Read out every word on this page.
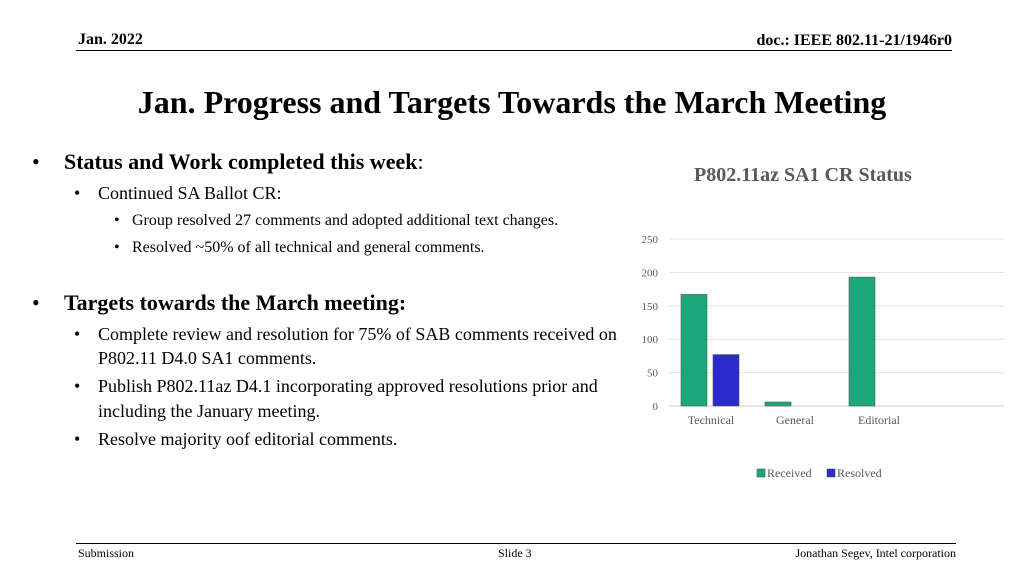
Jan. 2022	doc.: IEEE 802.11-21/1946r0
Jan. Progress and Targets Towards the March Meeting
• Status and Work completed this week:
• Continued SA Ballot CR:
• Group resolved 27 comments and adopted additional text changes.
• Resolved ~50% of all technical and general comments.
• Targets towards the March meeting:
• Complete review and resolution for 75% of SAB comments received on P802.11 D4.0 SA1 comments.
• Publish P802.11az D4.1 incorporating approved resolutions prior and including the January meeting.
• Resolve majority oof editorial comments.
P802.11az SA1 CR Status
0
50
100
150
200
250
Technical	General	Editorial
Received Resolved
Submission	Slide 3	Jonathan Segev, Intel corporation
